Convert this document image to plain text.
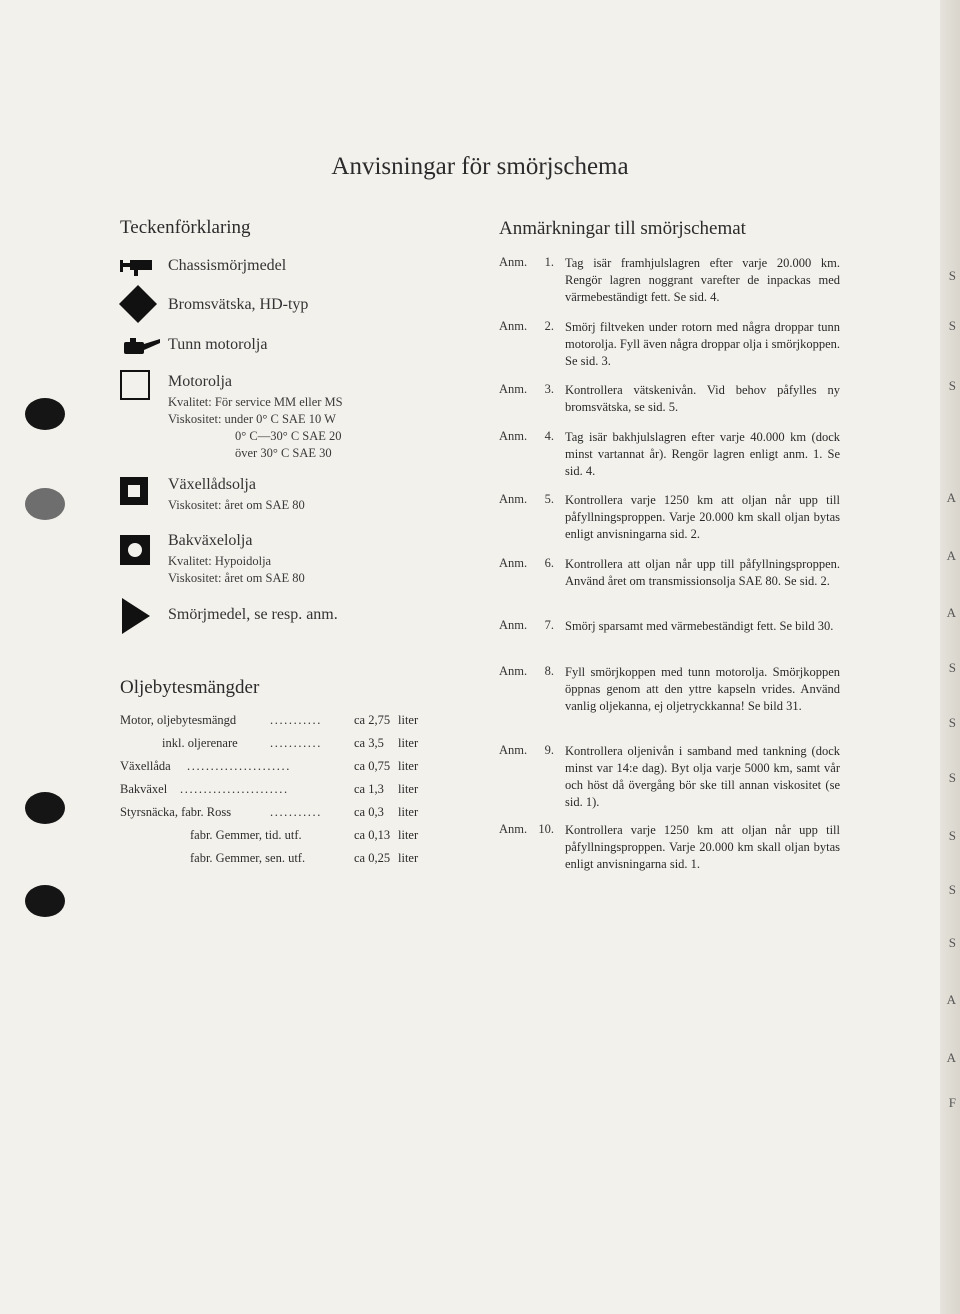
S
S
S
A
A
A
S
S
S
S
S
S
A
A
F
Anvisningar för smörjschema
Teckenförklaring
Chassismörjmedel
Bromsvätska, HD-typ
Tunn motorolja
Motorolja
Kvalitet: För service MM eller MS
Viskositet: under 0° C SAE 10 W
0° C—30° C SAE 20
över 30° C SAE 30
Växellådsolja
Viskositet: året om SAE 80
Bakväxelolja
Kvalitet: Hypoidolja
Viskositet: året om SAE 80
Smörjmedel, se resp. anm.
Oljebytesmängder
Motor, oljebytesmängd	...........	ca 2,75 liter
inkl. oljerenare	...........	ca 3,5 liter
Växellåda ......................	ca 0,75 liter
Bakväxel .......................	ca 1,3 liter
Styrsnäcka, fabr. Ross	...........	ca 0,3 liter
fabr. Gemmer, tid. utf.	ca 0,13 liter
fabr. Gemmer, sen. utf.	ca 0,25 liter
Anmärkningar till smörjschemat
Anm.	1. Tag isär framhjulslagren efter varje 20.000 km. Rengör lagren noggrant varefter de inpackas med värmebeständigt fett. Se sid. 4.
Anm.	2. Smörj filtveken under rotorn med några droppar tunn motorolja. Fyll även några droppar olja i smörjkoppen. Se sid. 3.
Anm.	3. Kontrollera vätskenivån. Vid behov påfylles ny bromsvätska, se sid. 5.
Anm.	4. Tag isär bakhjulslagren efter varje 40.000 km (dock minst vartannat år). Rengör lagren enligt anm. 1. Se sid. 4.
Anm.	5. Kontrollera varje 1250 km att oljan når upp till påfyllningsproppen. Varje 20.000 km skall oljan bytas enligt anvisningarna sid. 2.
Anm.	6. Kontrollera att oljan når upp till påfyllningsproppen. Använd året om transmissionsolja SAE 80. Se sid. 2.
Anm.	7. Smörj sparsamt med värmebeständigt fett. Se bild 30.
Anm.	8. Fyll smörjkoppen med tunn motorolja. Smörjkoppen öppnas genom att den yttre kapseln vrides. Använd vanlig oljekanna, ej oljetryckkanna! Se bild 31.
Anm.	9. Kontrollera oljenivån i samband med tankning (dock minst var 14:e dag). Byt olja varje 5000 km, samt vår och höst då övergång bör ske till annan viskositet (se sid. 1).
Anm. 10. Kontrollera varje 1250 km att oljan når upp till påfyllningsproppen. Varje 20.000 km skall oljan bytas enligt anvisningarna sid. 1.
